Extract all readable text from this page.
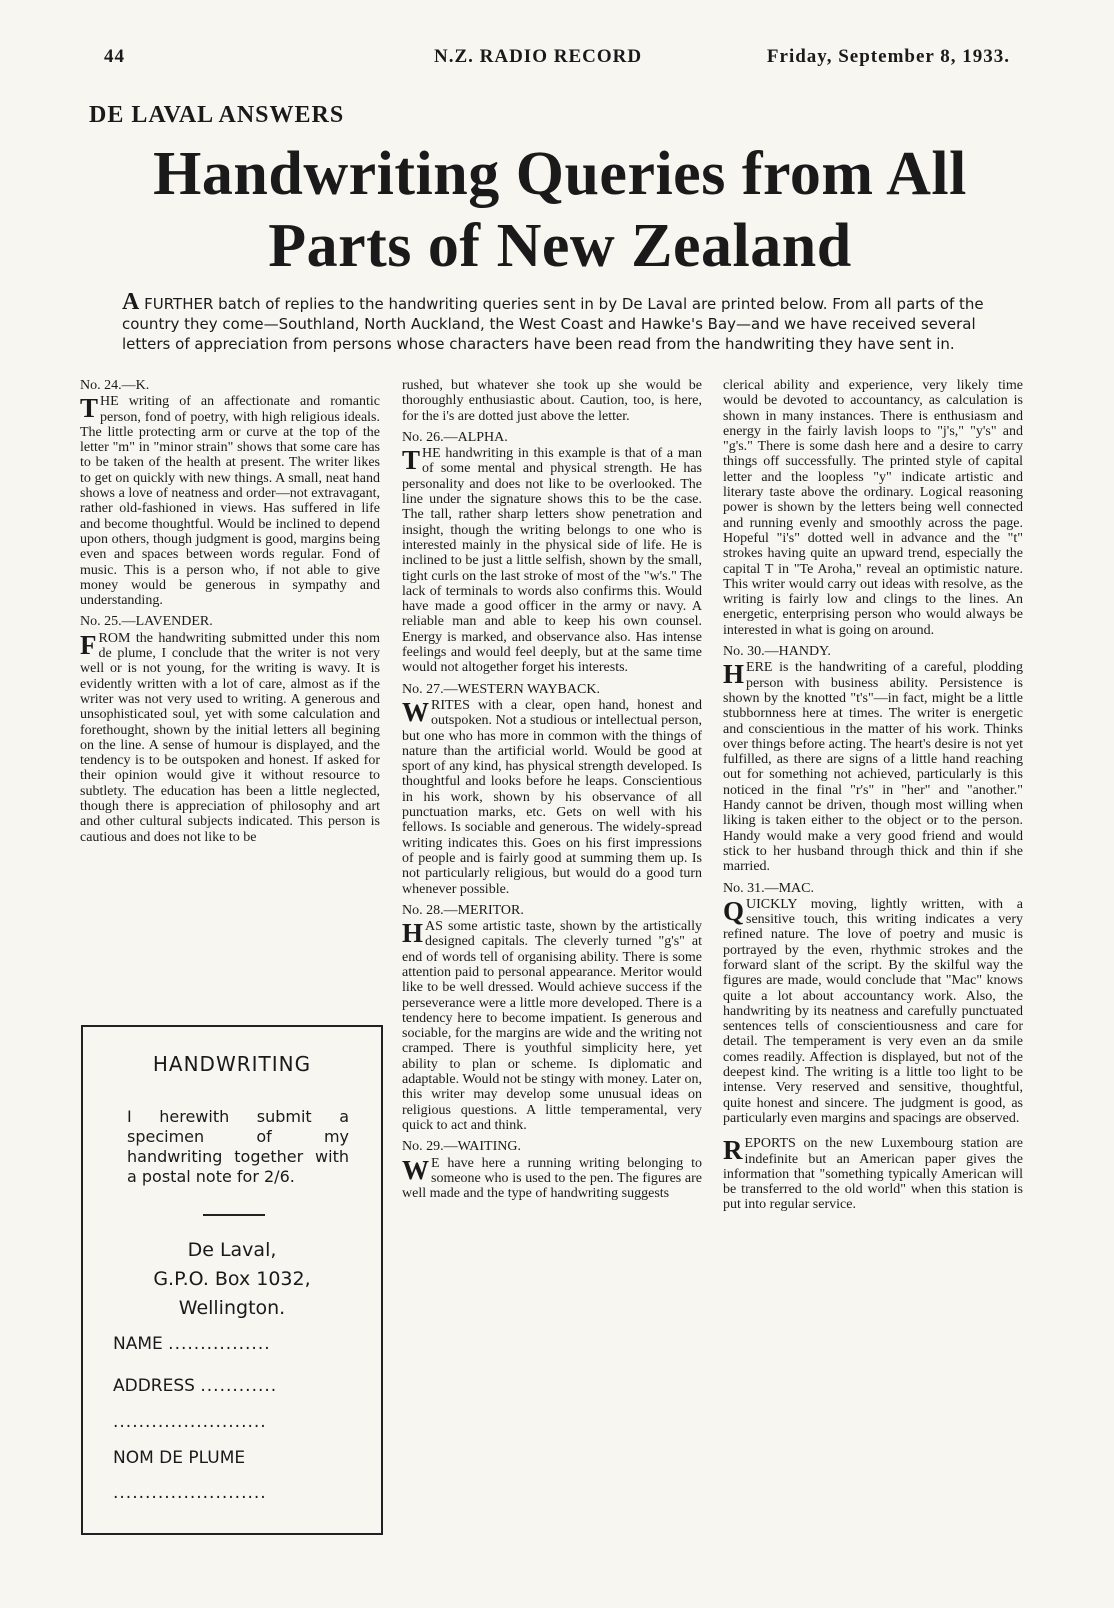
44	N.Z. RADIO RECORD	Friday, September 8, 1933.
DE LAVAL ANSWERS
Handwriting Queries from All
Parts of New Zealand
A FURTHER batch of replies to the handwriting queries sent in by De Laval are printed below. From all parts of the country they come—Southland, North Auckland, the West Coast and Hawke's Bay—and we have received several letters of appreciation from persons whose characters have been read from the handwriting they have sent in.
No. 24.—K.

THE writing of an affectionate and romantic person, fond of poetry, with high religious ideals. The little protecting arm or curve at the top of the letter "m" in "minor strain" shows that some care has to be taken of the health at present. The writer likes to get on quickly with new things. A small, neat hand shows a love of neatness and order—not extravagant, rather old-fashioned in views. Has suffered in life and become thoughtful. Would be inclined to depend upon others, though judgment is good, margins being even and spaces between words regular. Fond of music. This is a person who, if not able to give money would be generous in sympathy and understanding.

No. 25.—LAVENDER.

FROM the handwriting submitted under this nom de plume, I conclude that the writer is not very well or is not young, for the writing is wavy. It is evidently written with a lot of care, almost as if the writer was not very used to writing. A generous and unsophisticated soul, yet with some calculation and forethought, shown by the initial letters all begining on the line. A sense of humour is displayed, and the tendency is to be outspoken and honest. If asked for their opinion would give it without resource to subtlety. The education has been a little neglected, though there is appreciation of philosophy and art and other cultural subjects indicated. This person is cautious and does not like to be

HANDWRITING
I herewith submit a specimen of my handwriting together with a postal note for 2/6.
De Laval,
G.P.O. Box 1032,
Wellington.
NAME ................
ADDRESS ............
........................
NOM DE PLUME
........................

rushed, but whatever she took up she would be thoroughly enthusiastic about. Caution, too, is here, for the i's are dotted just above the letter.

No. 26.—ALPHA.

THE handwriting in this example is that of a man of some mental and physical strength. He has personality and does not like to be overlooked. The line under the signature shows this to be the case. The tall, rather sharp letters show penetration and insight, though the writing belongs to one who is interested mainly in the physical side of life. He is inclined to be just a little selfish, shown by the small, tight curls on the last stroke of most of the "w's." The lack of terminals to words also confirms this. Would have made a good officer in the army or navy. A reliable man and able to keep his own counsel. Energy is marked, and observance also. Has intense feelings and would feel deeply, but at the same time would not altogether forget his interests.

No. 27.—WESTERN WAYBACK.

WRITES with a clear, open hand, honest and outspoken. Not a studious or intellectual person, but one who has more in common with the things of nature than the artificial world. Would be good at sport of any kind, has physical strength developed. Is thoughtful and looks before he leaps. Conscientious in his work, shown by his observance of all punctuation marks, etc. Gets on well with his fellows. Is sociable and generous. The widely-spread writing indicates this. Goes on his first impressions of people and is fairly good at summing them up. Is not particularly religious, but would do a good turn whenever possible.

No. 28.—MERITOR.

HAS some artistic taste, shown by the artistically designed capitals. The cleverly turned "g's" at end of words tell of organising ability. There is some attention paid to personal appearance. Meritor would like to be well dressed. Would achieve success if the perseverance were a little more developed. There is a tendency here to become impatient. Is generous and sociable, for the margins are wide and the writing not cramped. There is youthful simplicity here, yet ability to plan or scheme. Is diplomatic and adaptable. Would not be stingy with money. Later on, this writer may develop some unusual ideas on religious questions. A little temperamental, very quick to act and think.

No. 29.—WAITING.

W E have here a running writing belonging to someone who is used to the pen. The figures are well made and the type of handwriting suggests

clerical ability and experience, very likely time would be devoted to accountancy, as calculation is shown in many instances. There is enthusiasm and energy in the fairly lavish loops to "j's," "y's" and "g's." There is some dash here and a desire to carry things off successfully. The printed style of capital letter and the loopless "y" indicate artistic and literary taste above the ordinary. Logical reasoning power is shown by the letters being well connected and running evenly and smoothly across the page. Hopeful "i's" dotted well in advance and the "t" strokes having quite an upward trend, especially the capital T in "Te Aroha," reveal an optimistic nature. This writer would carry out ideas with resolve, as the writing is fairly low and clings to the lines. An energetic, enterprising person who would always be interested in what is going on around.

No. 30.—HANDY.

HERE is the handwriting of a careful, plodding person with business ability. Persistence is shown by the knotted "t's"—in fact, might be a little stubbornness here at times. The writer is energetic and conscientious in the matter of his work. Thinks over things before acting. The heart's desire is not yet fulfilled, as there are signs of a little hand reaching out for something not achieved, particularly is this noticed in the final "r's" in "her" and "another." Handy cannot be driven, though most willing when liking is taken either to the object or to the person. Handy would make a very good friend and would stick to her husband through thick and thin if she married.

No. 31.—MAC.

QUICKLY moving, lightly written, with a sensitive touch, this writing indicates a very refined nature. The love of poetry and music is portrayed by the even, rhythmic strokes and the forward slant of the script. By the skilful way the figures are made, would conclude that "Mac" knows quite a lot about accountancy work. Also, the handwriting by its neatness and carefully punctuated sentences tells of conscientiousness and care for detail. The temperament is very even an da smile comes readily. Affection is displayed, but not of the deepest kind. The writing is a little too light to be intense. Very reserved and sensitive, thoughtful, quite honest and sincere. The judgment is good, as particularly even margins and spacings are observed.

REPORTS on the new Luxembourg station are indefinite but an American paper gives the information that "something typically American will be transferred to the old world" when this station is put into regular service.
